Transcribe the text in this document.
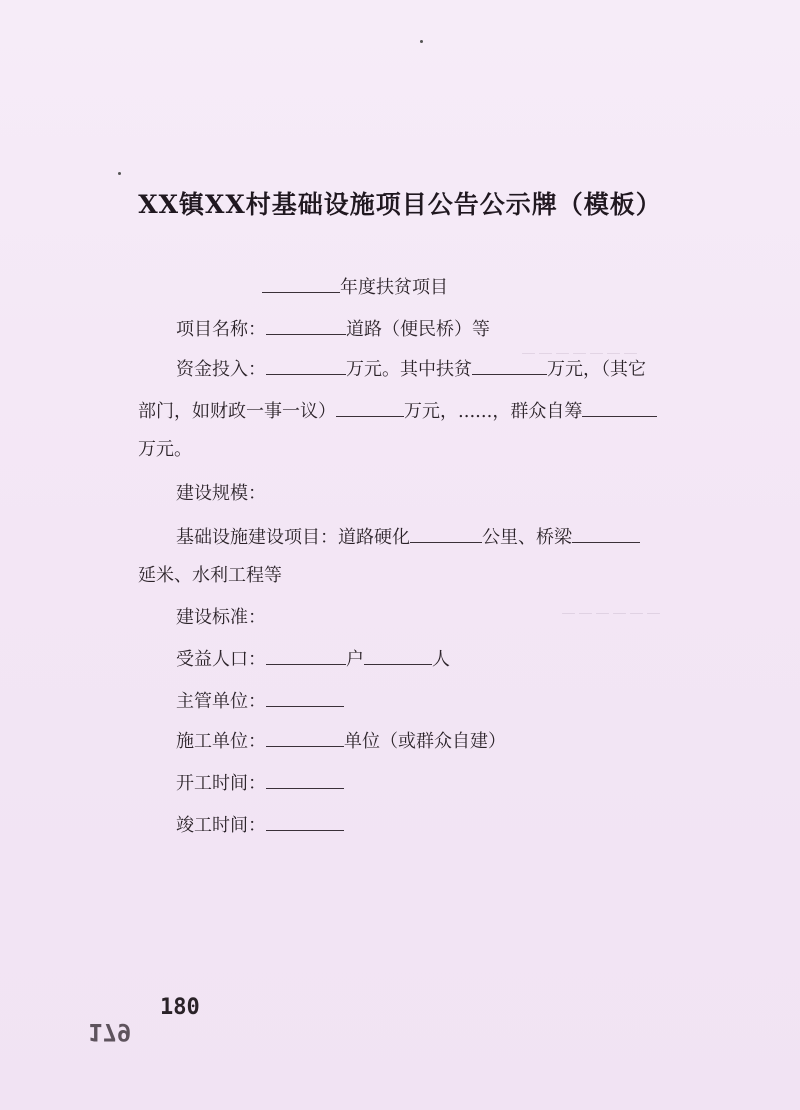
－－－－－－－
－－－－－－
XX镇XX村基础设施项目公告公示牌（模板）
年度扶贫项目
项目名称：	道路（便民桥）等
资金投入：	万元。其中扶贫	万元，（其它
部门，如财政一事一议）	万元，......，群众自筹
万元。
建设规模：
基础设施建设项目：道路硬化	公里、桥梁
延米、水利工程等
建设标准：
受益人口：	户	人
主管单位：
施工单位：	单位（或群众自建）
开工时间：
竣工时间：
180
179
